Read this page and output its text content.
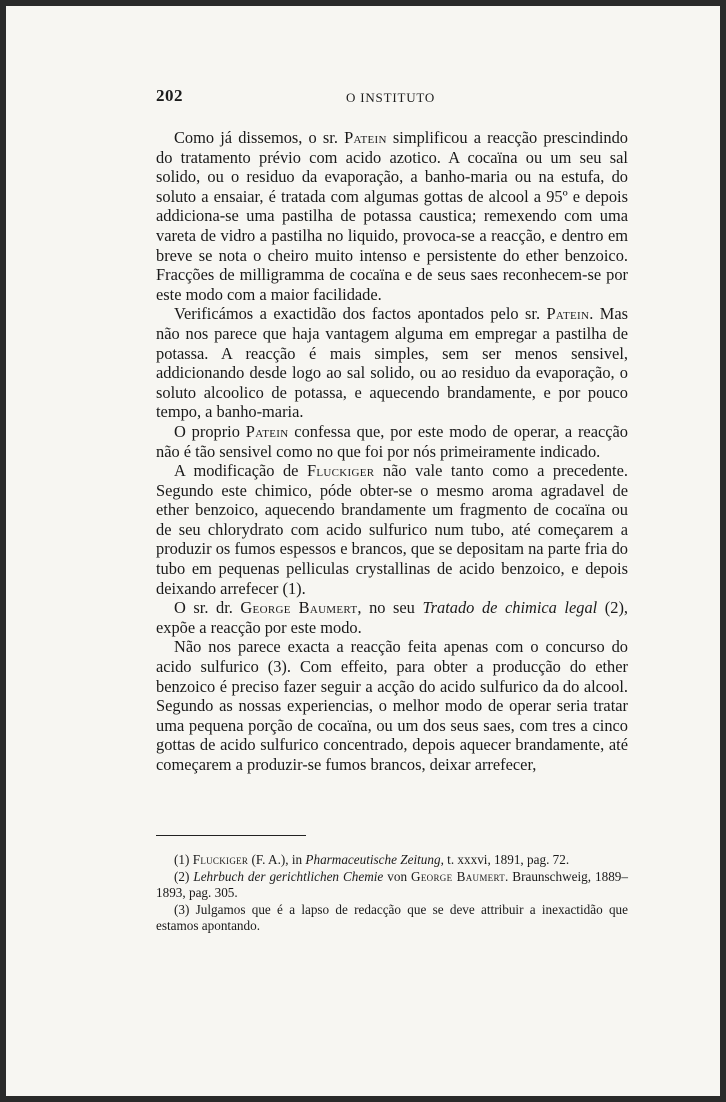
202	O INSTITUTO

Como já dissemos, o sr. Patein simplificou a reacção prescindindo do tratamento prévio com acido azotico. A cocaïna ou um seu sal solido, ou o residuo da evaporação, a banho-maria ou na estufa, do soluto a ensaiar, é tratada com algumas gottas de alcool a 95º e depois addiciona-se uma pastilha de potassa caustica; remexendo com uma vareta de vidro a pastilha no liquido, provoca-se a reacção, e dentro em breve se nota o cheiro muito intenso e persistente do ether benzoico. Fracções de milligramma de cocaïna e de seus saes reconhecem-se por este modo com a maior facilidade.

Verificámos a exactidão dos factos apontados pelo sr. Patein. Mas não nos parece que haja vantagem alguma em empregar a pastilha de potassa. A reacção é mais simples, sem ser menos sensivel, addicionando desde logo ao sal solido, ou ao residuo da evaporação, o soluto alcoolico de potassa, e aquecendo brandamente, e por pouco tempo, a banho-maria.

O proprio Patein confessa que, por este modo de operar, a reacção não é tão sensivel como no que foi por nós primeiramente indicado.

A modificação de Fluckiger não vale tanto como a precedente. Segundo este chimico, póde obter-se o mesmo aroma agradavel de ether benzoico, aquecendo brandamente um fragmento de cocaïna ou de seu chlorydrato com acido sulfurico num tubo, até começarem a produzir os fumos espessos e brancos, que se depositam na parte fria do tubo em pequenas pelliculas crystallinas de acido benzoico, e depois deixando arrefecer (1).

O sr. dr. George Baumert, no seu Tratado de chimica legal (2), expõe a reacção por este modo.

Não nos parece exacta a reacção feita apenas com o concurso do acido sulfurico (3). Com effeito, para obter a producção do ether benzoico é preciso fazer seguir a acção do acido sulfurico da do alcool. Segundo as nossas experiencias, o melhor modo de operar seria tratar uma pequena porção de cocaïna, ou um dos seus saes, com tres a cinco gottas de acido sulfurico concentrado, depois aquecer brandamente, até começarem a produzir-se fumos brancos, deixar arrefecer,

(1) Fluckiger (F. A.), in Pharmaceutische Zeitung, t. xxxvi, 1891, pag. 72.

(2) Lehrbuch der gerichtlichen Chemie von George Baumert. Braunschweig, 1889–1893, pag. 305.

(3) Julgamos que é a lapso de redacção que se deve attribuir a inexactidão que estamos apontando.
